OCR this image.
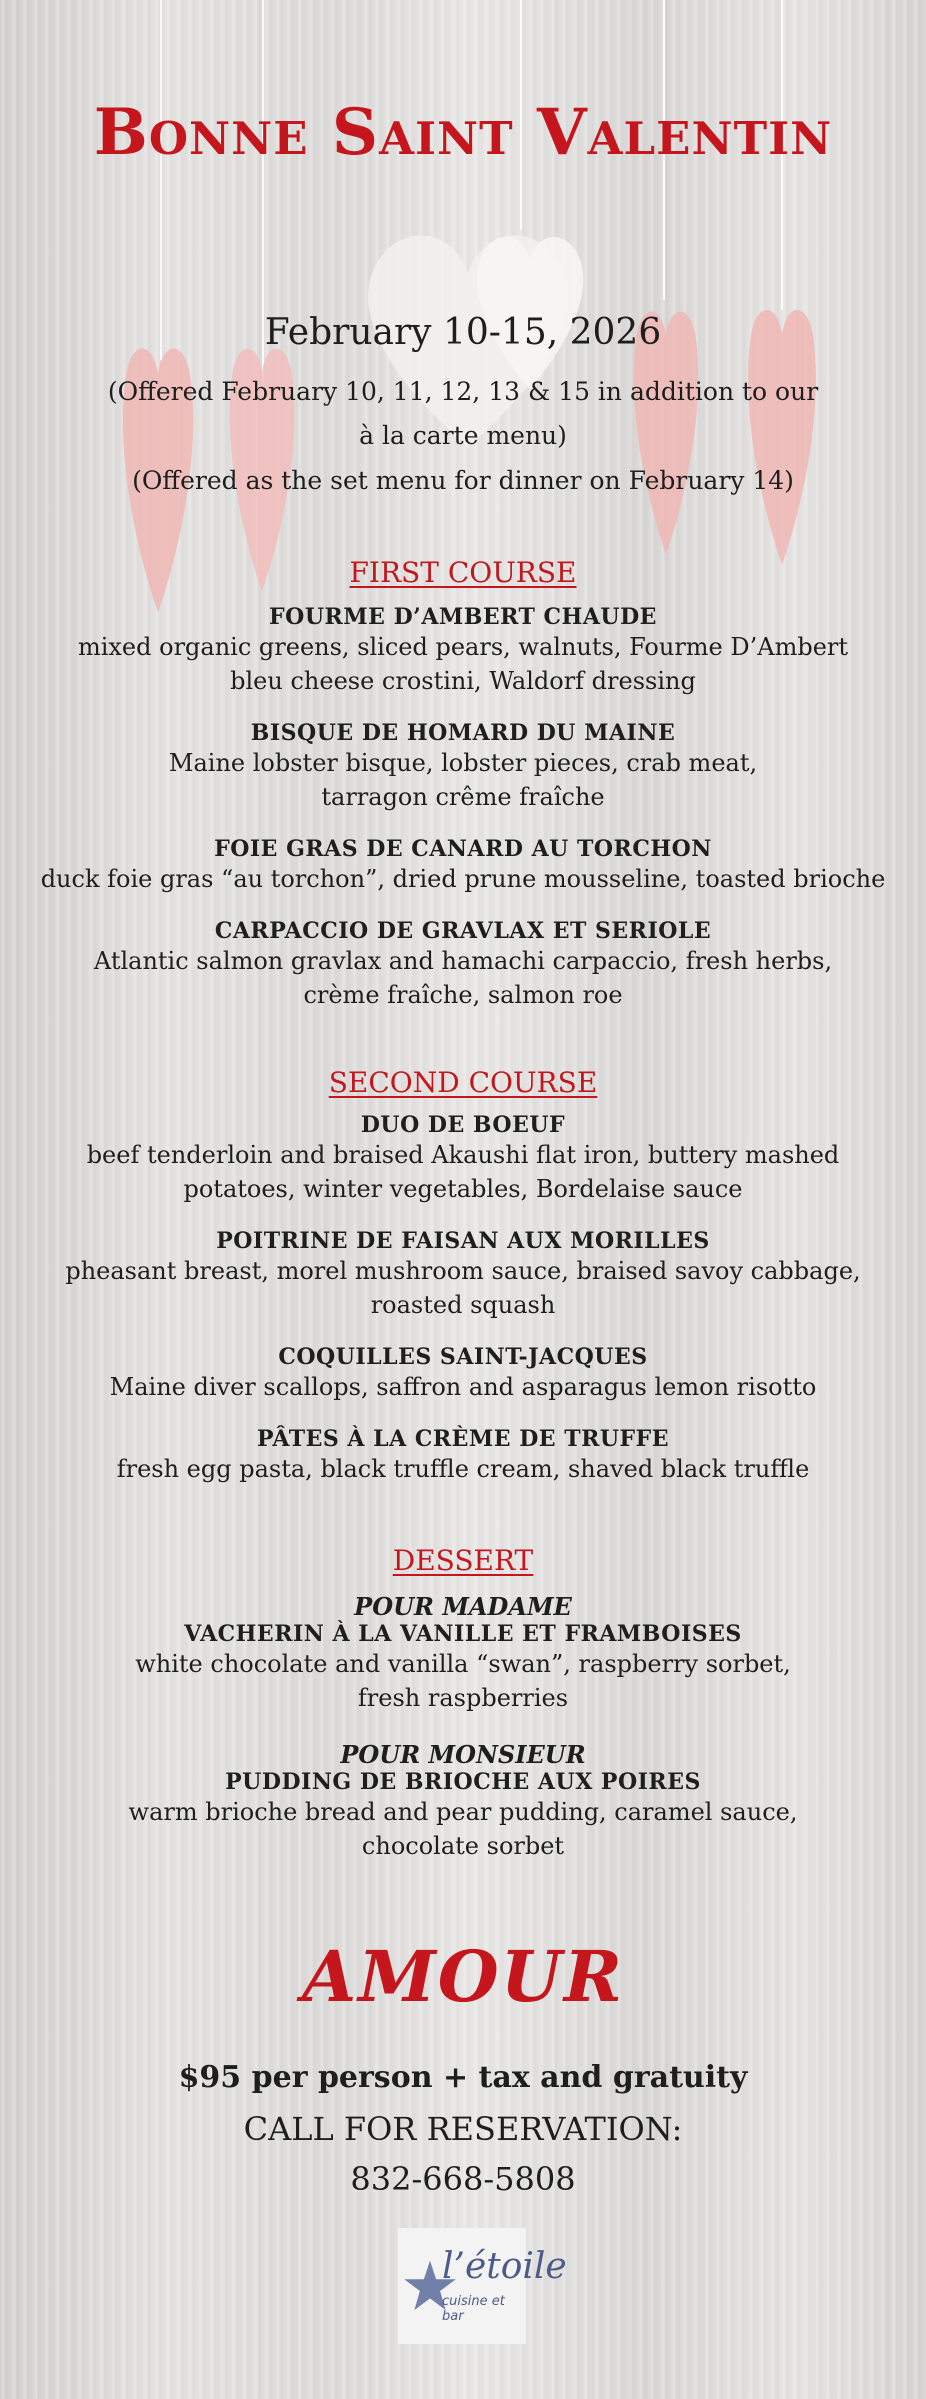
Bonne Saint Valentin
February 10-15, 2026
(Offered February 10, 11, 12, 13 & 15 in addition to our
à la carte menu)
(Offered as the set menu for dinner on February 14)
FIRST COURSE
FOURME D’AMBERT CHAUDE
mixed organic greens, sliced pears, walnuts, Fourme D’Ambert
bleu cheese crostini, Waldorf dressing
BISQUE DE HOMARD DU MAINE
Maine lobster bisque, lobster pieces, crab meat,
tarragon crême fraîche
FOIE GRAS DE CANARD AU TORCHON
duck foie gras “au torchon”, dried prune mousseline, toasted brioche
CARPACCIO DE GRAVLAX ET SERIOLE
Atlantic salmon gravlax and hamachi carpaccio, fresh herbs,
crème fraîche, salmon roe
SECOND COURSE
DUO DE BOEUF
beef tenderloin and braised Akaushi flat iron, buttery mashed
potatoes, winter vegetables, Bordelaise sauce
POITRINE DE FAISAN AUX MORILLES
pheasant breast, morel mushroom sauce, braised savoy cabbage,
roasted squash
COQUILLES SAINT-JACQUES
Maine diver scallops, saffron and asparagus lemon risotto
PÂTES À LA CRÈME DE TRUFFE
fresh egg pasta, black truffle cream, shaved black truffle
DESSERT
POUR MADAME
VACHERIN À LA VANILLE ET FRAMBOISES
white chocolate and vanilla “swan”, raspberry sorbet,
fresh raspberries
POUR MONSIEUR
PUDDING DE BRIOCHE AUX POIRES
warm brioche bread and pear pudding, caramel sauce,
chocolate sorbet
AMOUR
$95 per person + tax and gratuity
CALL FOR RESERVATION:
832-668-5808
l’étoile
cuisine et bar
